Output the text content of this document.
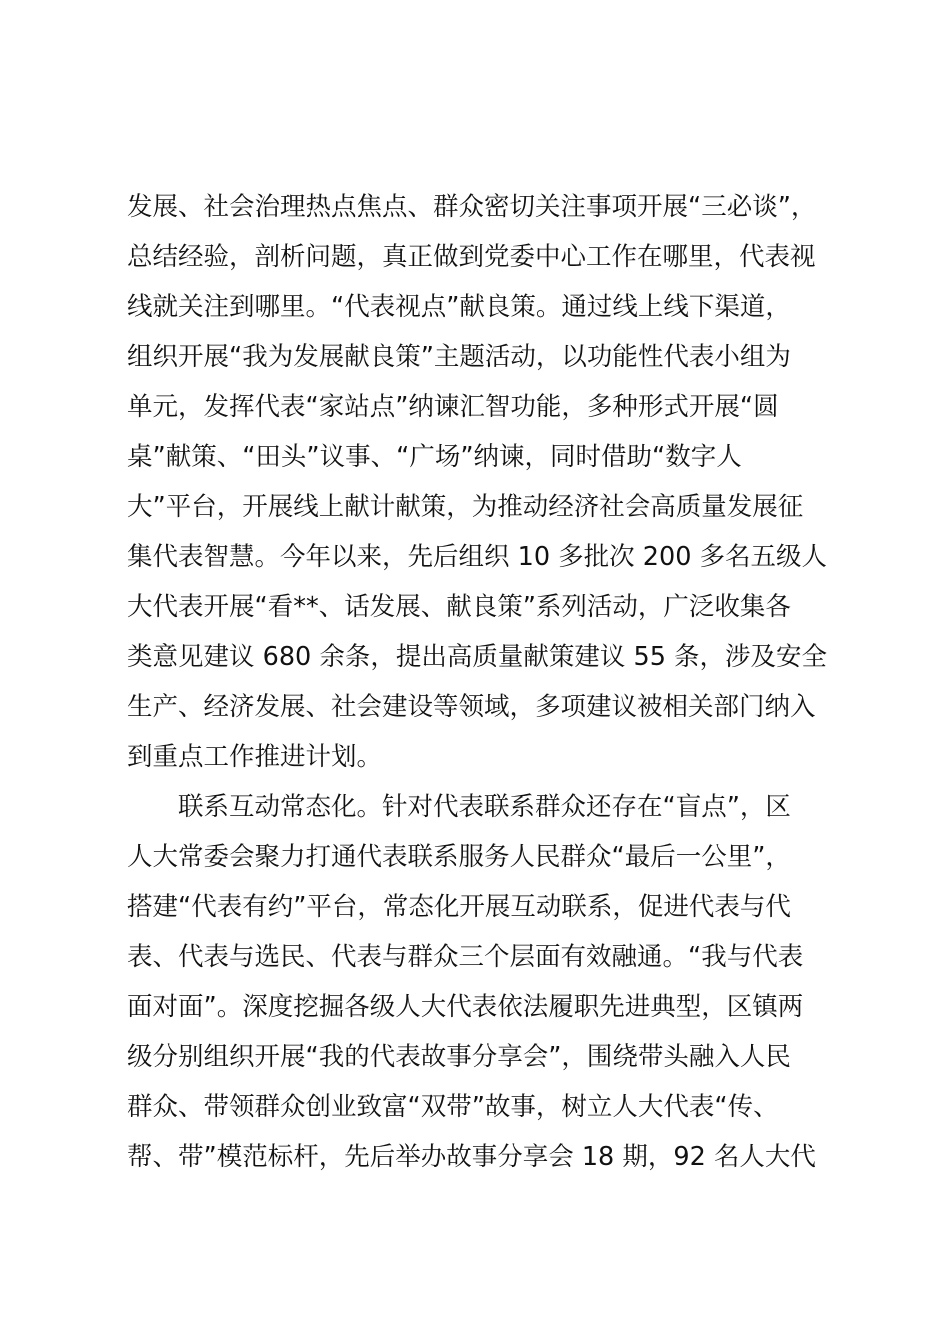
发展、社会治理热点焦点、群众密切关注事项开展“三必谈”，
总结经验，剖析问题，真正做到党委中心工作在哪里，代表视
线就关注到哪里。“代表视点”献良策。通过线上线下渠道，
组织开展“我为发展献良策”主题活动，以功能性代表小组为
单元，发挥代表“家站点”纳谏汇智功能，多种形式开展“圆
桌”献策、“田头”议事、“广场”纳谏，同时借助“数字人
大”平台，开展线上献计献策，为推动经济社会高质量发展征
集代表智慧。今年以来，先后组织 10 多批次 200 多名五级人
大代表开展“看**、话发展、献良策”系列活动，广泛收集各
类意见建议 680 余条，提出高质量献策建议 55 条，涉及安全
生产、经济发展、社会建设等领域，多项建议被相关部门纳入
到重点工作推进计划。
联系互动常态化。针对代表联系群众还存在“盲点”，区
人大常委会聚力打通代表联系服务人民群众“最后一公里”，
搭建“代表有约”平台，常态化开展互动联系，促进代表与代
表、代表与选民、代表与群众三个层面有效融通。“我与代表
面对面”。深度挖掘各级人大代表依法履职先进典型，区镇两
级分别组织开展“我的代表故事分享会”，围绕带头融入人民
群众、带领群众创业致富“双带”故事，树立人大代表“传、
帮、带”模范标杆，先后举办故事分享会 18 期，92 名人大代
